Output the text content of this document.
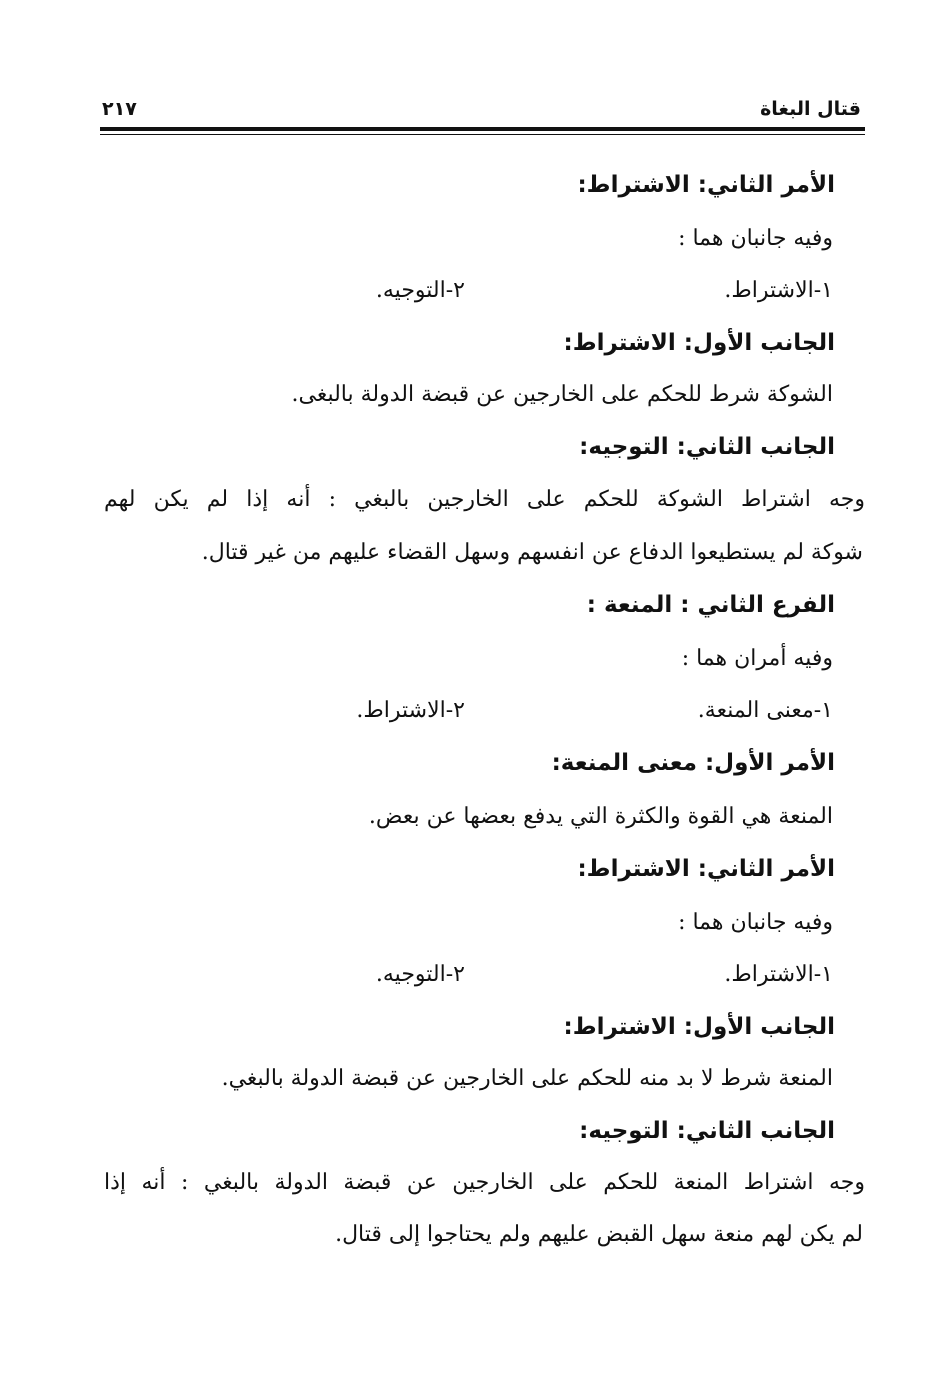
قتال البغاة
٢١٧
الأمر الثاني: الاشتراط:
وفيه جانبان هما :
١-الاشتراط.
٢-التوجيه.
الجانب الأول: الاشتراط:
الشوكة شرط للحكم على الخارجين عن قبضة الدولة بالبغى.
الجانب الثاني: التوجيه:
وجه اشتراط الشوكة للحكم على الخارجين بالبغي : أنه إذا لم يكن لهم
شوكة لم يستطيعوا الدفاع عن انفسهم وسهل القضاء عليهم من غير قتال.
الفرع الثاني : المنعة :
وفيه أمران هما :
١-معنى المنعة.
٢-الاشتراط.
الأمر الأول: معنى المنعة:
المنعة هي القوة والكثرة التي يدفع بعضها عن بعض.
الأمر الثاني: الاشتراط:
وفيه جانبان هما :
١-الاشتراط.
٢-التوجيه.
الجانب الأول: الاشتراط:
المنعة شرط لا بد منه للحكم على الخارجين عن قبضة الدولة بالبغي.
الجانب الثاني: التوجيه:
وجه اشتراط المنعة للحكم على الخارجين عن قبضة الدولة بالبغي : أنه إذا
لم يكن لهم منعة سهل القبض عليهم ولم يحتاجوا إلى قتال.
